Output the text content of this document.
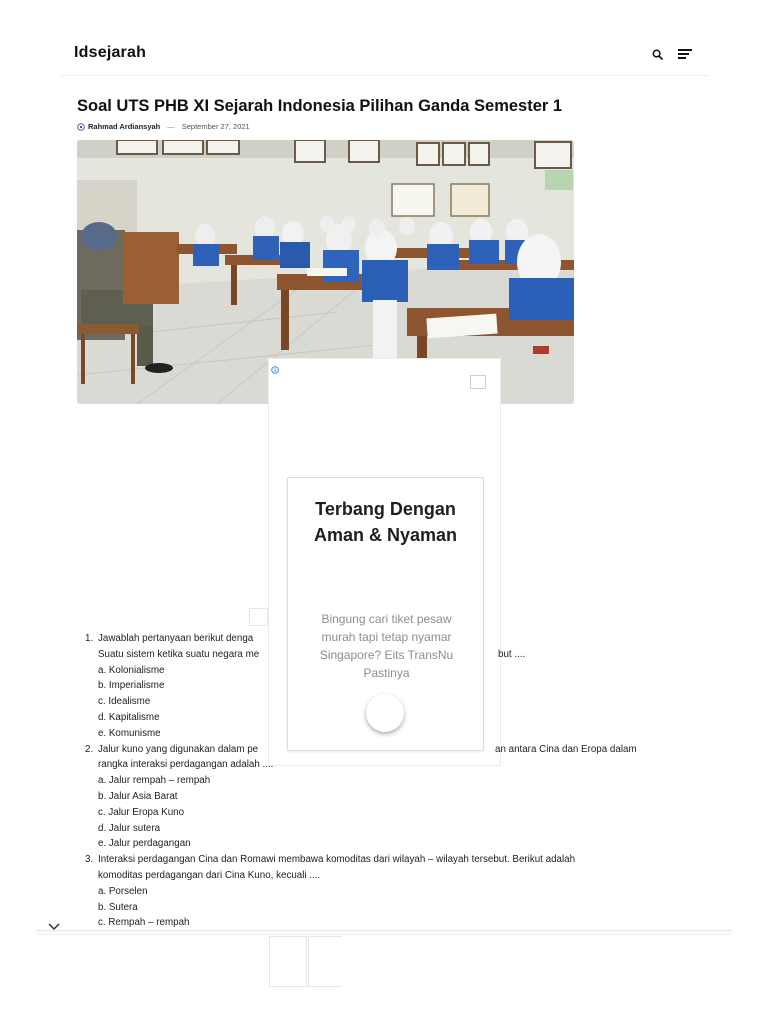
Idsejarah
Soal UTS PHB XI Sejarah Indonesia Pilihan Ganda Semester 1
Rahmad Ardiansyah — September 27, 2021
Terbang Dengan
Aman & Nyaman
Bingung cari tiket pesaw
murah tapi tetap nyamar
Singapore? Eits TransNu
Pastinya
1. Jawablah pertanyaan berikut denga
Suatu sistem ketika suatu negara me	but ....
a. Kolonialisme
b. Imperialisme
c. Idealisme
d. Kapitalisme
e. Komunisme
2. Jalur kuno yang digunakan dalam pe	an antara Cina dan Eropa dalam
rangka interaksi perdagangan adalah ....
a. Jalur rempah – rempah
b. Jalur Asia Barat
c. Jalur Eropa Kuno
d. Jalur sutera
e. Jalur perdagangan
3. Interaksi perdagangan Cina dan Romawi membawa komoditas dari wilayah – wilayah tersebut. Berikut adalah
komoditas perdagangan dari Cina Kuno, kecuali ....
a. Porselen
b. Sutera
c. Rempah – rempah
